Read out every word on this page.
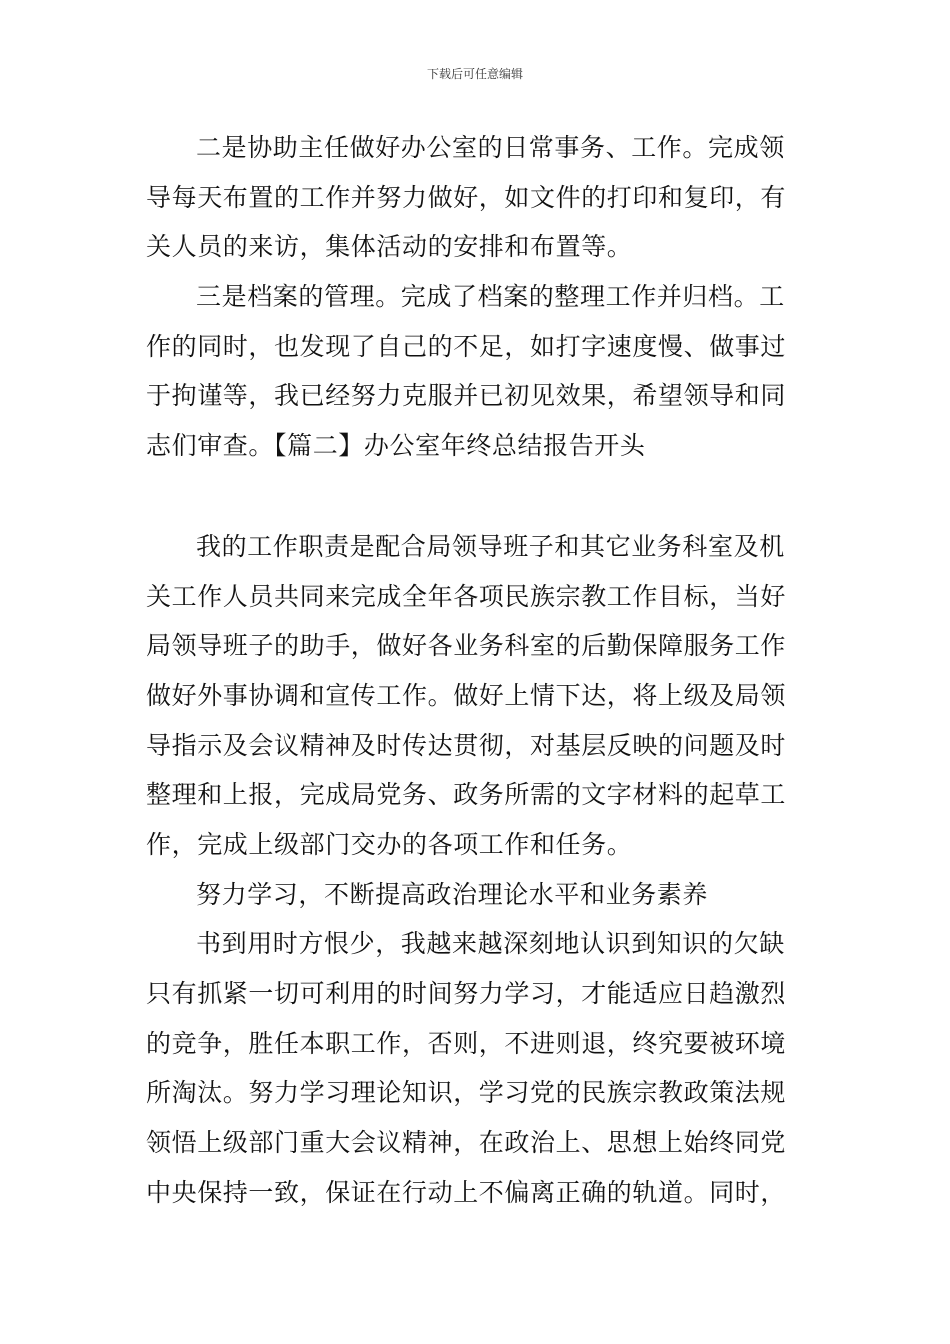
下载后可任意编辑
二是协助主任做好办公室的日常事务、工作。完成领
导每天布置的工作并努力做好，如文件的打印和复印，有
关人员的来访，集体活动的安排和布置等。
三是档案的管理。完成了档案的整理工作并归档。工
作的同时，也发现了自己的不足，如打字速度慢、做事过
于拘谨等，我已经努力克服并已初见效果，希望领导和同
志们审查。【篇二】办公室年终总结报告开头
我的工作职责是配合局领导班子和其它业务科室及机
关工作人员共同来完成全年各项民族宗教工作目标，当好
局领导班子的助手，做好各业务科室的后勤保障服务工作
做好外事协调和宣传工作。做好上情下达，将上级及局领
导指示及会议精神及时传达贯彻，对基层反映的问题及时
整理和上报，完成局党务、政务所需的文字材料的起草工
作，完成上级部门交办的各项工作和任务。
努力学习，不断提高政治理论水平和业务素养
书到用时方恨少，我越来越深刻地认识到知识的欠缺
只有抓紧一切可利用的时间努力学习，才能适应日趋激烈
的竞争，胜任本职工作，否则，不进则退，终究要被环境
所淘汰。努力学习理论知识，学习党的民族宗教政策法规
领悟上级部门重大会议精神，在政治上、思想上始终同党
中央保持一致，保证在行动上不偏离正确的轨道。同时，
